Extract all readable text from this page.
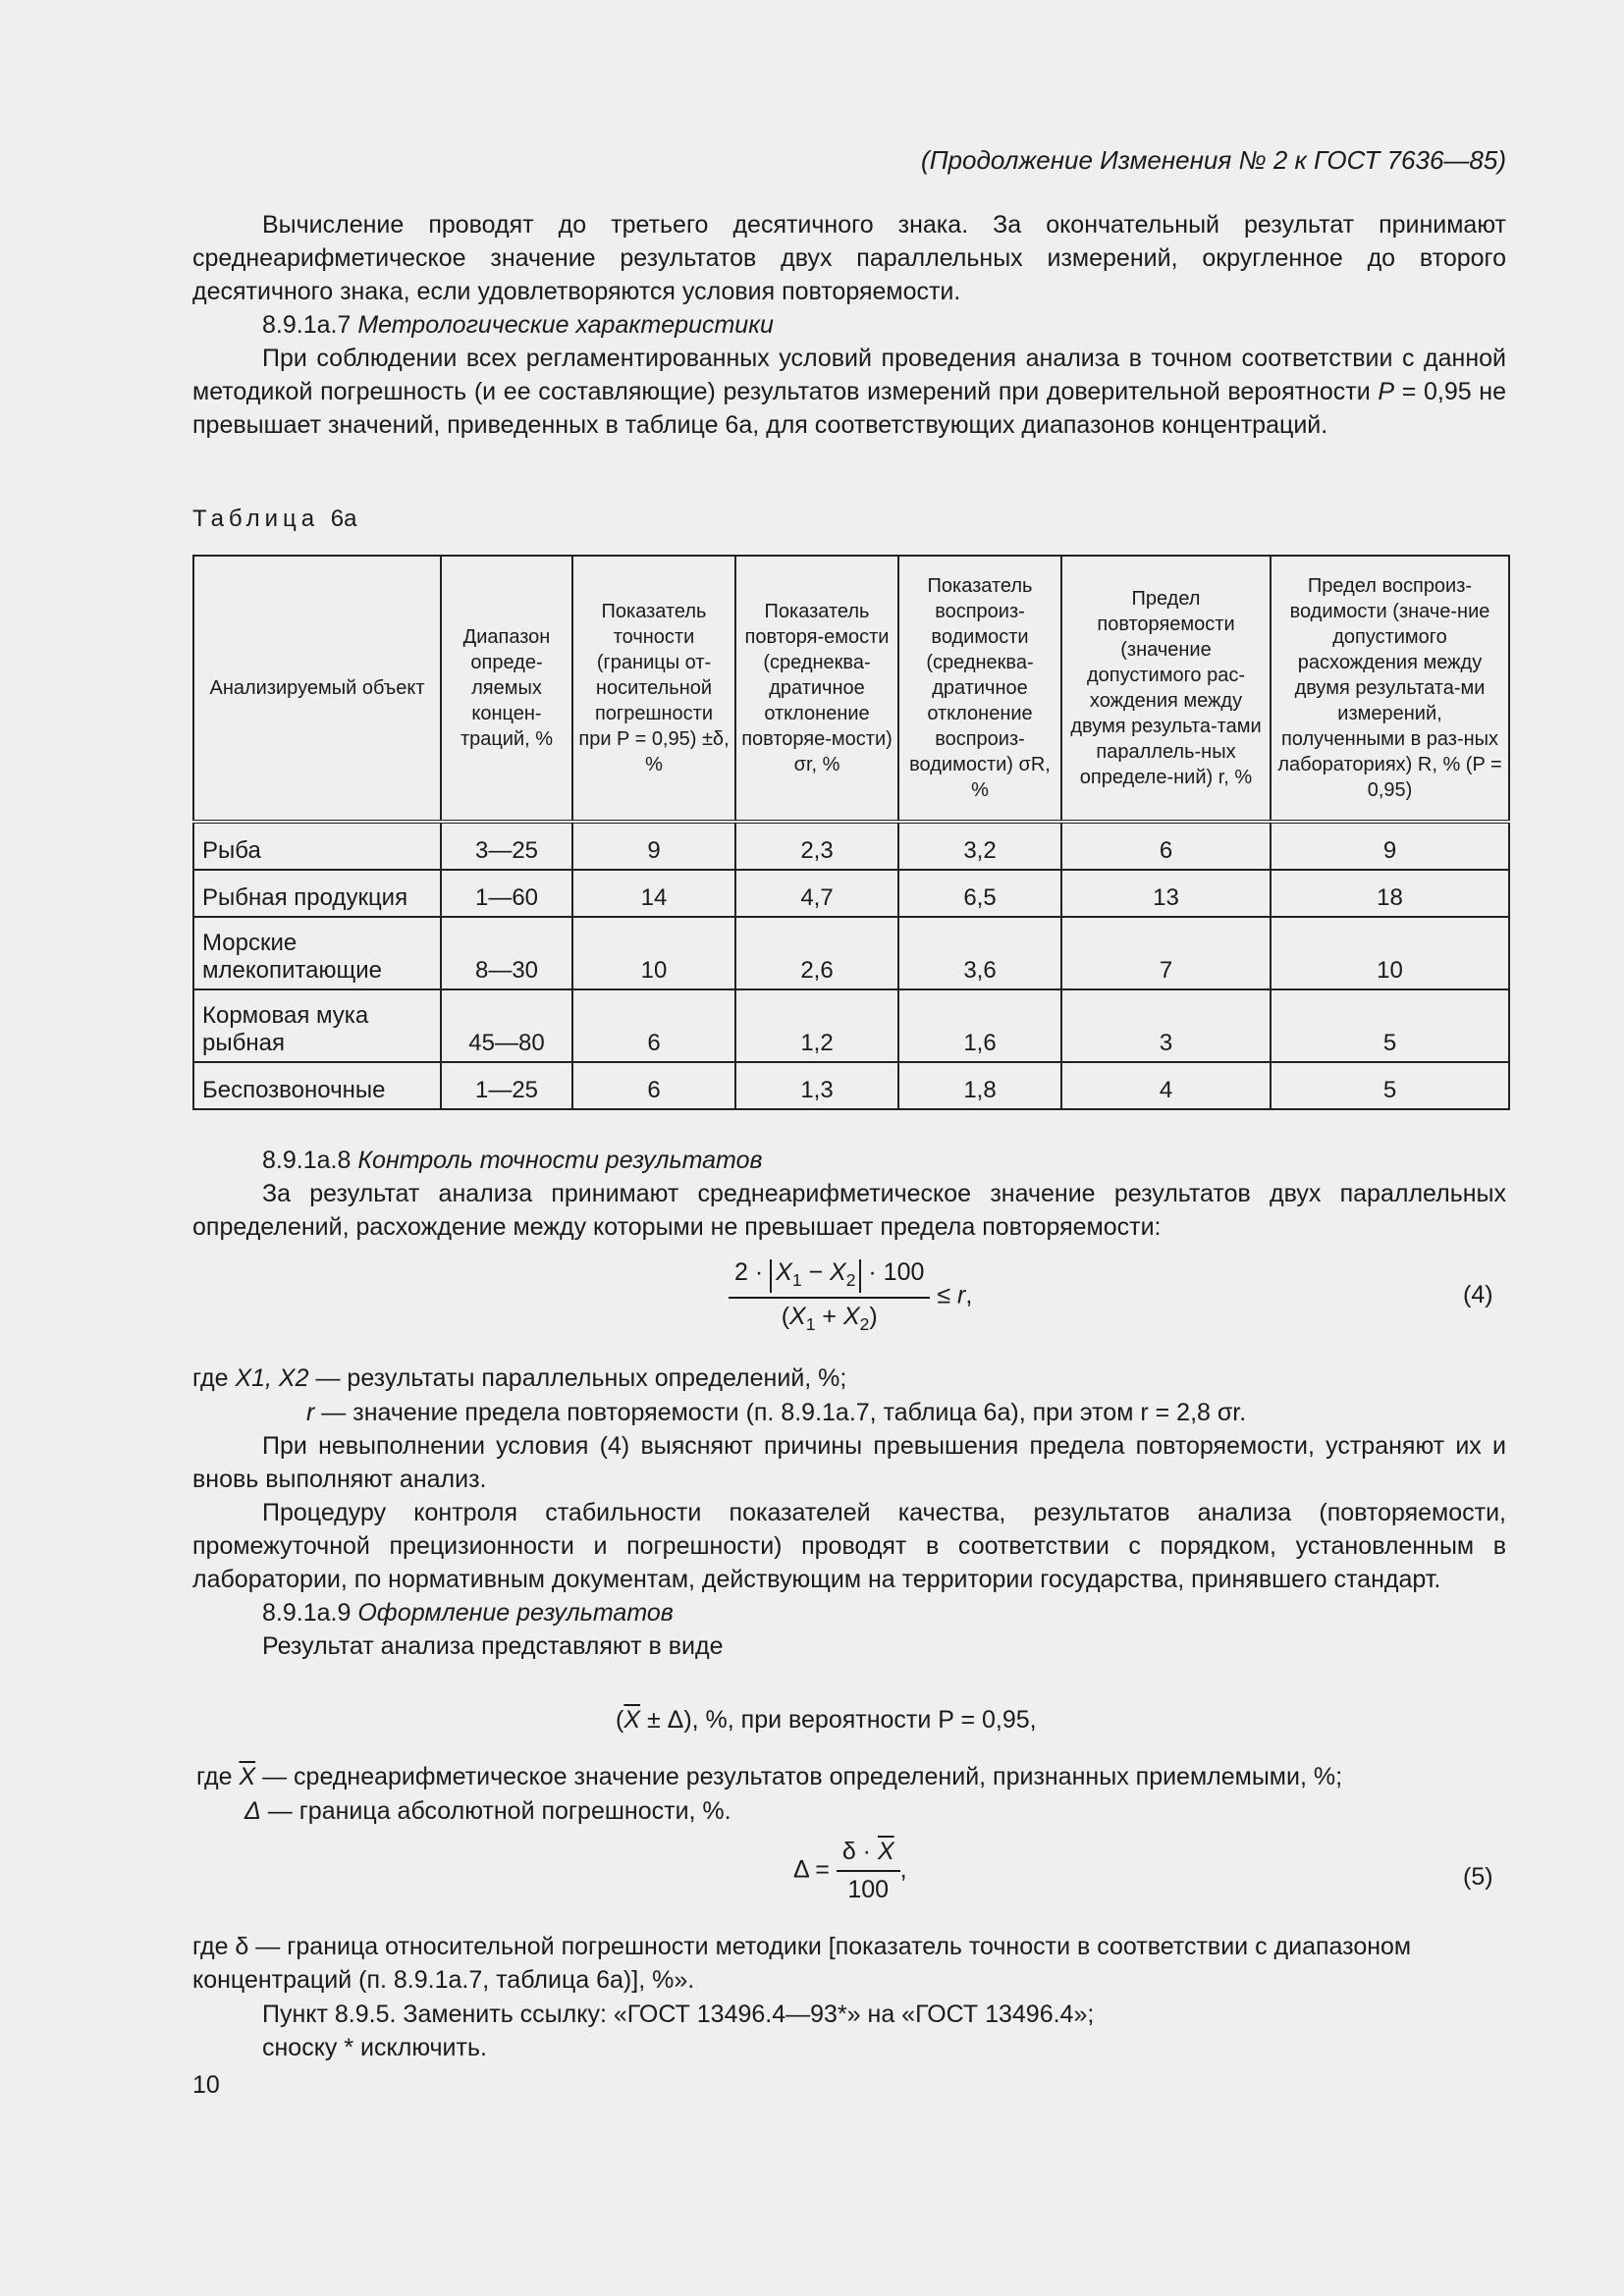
(Продолжение Изменения № 2 к ГОСТ 7636—85)

Вычисление проводят до третьего десятичного знака. За окончательный результат принимают среднеарифметическое значение результатов двух параллельных измерений, округленное до второго десятичного знака, если удовлетворяются условия повторяемости.

8.9.1а.7 Метрологические характеристики

При соблюдении всех регламентированных условий проведения анализа в точном соответствии с данной методикой погрешность (и ее составляющие) результатов измерений при доверительной вероятности P = 0,95 не превышает значений, приведенных в таблице 6а, для соответствующих диапазонов концентраций.

Таблица 6а
Анализируемый объект	Диапазон опреде-ляемых концен-траций, %	Показатель точности (границы от-носительной погрешности при P = 0,95) ±δ, %	Показатель повторя-емости (среднеква-дратичное отклонение повторяе-мости) σr, %	Показатель воспроиз-водимости (среднеква-дратичное отклонение воспроиз-водимости) σR, %	Предел повторяемости (значение допустимого рас-хождения между двумя результа-тами параллель-ных определе-ний) r, %	Предел воспроиз-водимости (значе-ние допустимого расхождения между двумя результата-ми измерений, полученными в раз-ных лабораториях) R, % (P = 0,95)
Рыба	3—25	9	2,3	3,2	6	9
Рыбная продукция	1—60	14	4,7	6,5	13	18
Морские млекопитающие	8—30	10	2,6	3,6	7	10
Кормовая мука рыбная	45—80	6	1,2	1,6	3	5
Беспозвоночные	1—25	6	1,3	1,8	4	5

8.9.1а.8 Контроль точности результатов

За результат анализа принимают среднеарифметическое значение результатов двух параллельных определений, расхождение между которыми не превышает предела повторяемости:

$\frac{2 \cdot X_1 - X_2 \cdot 100}{(X_1 + X_2)} \le r$,	(4)
где X1, X2 — результаты параллельных определений, %;
r — значение предела повторяемости (п. 8.9.1а.7, таблица 6а), при этом r = 2,8 σr.

При невыполнении условия (4) выясняют причины превышения предела повторяемости, устраняют их и вновь выполняют анализ.

Процедуру контроля стабильности показателей качества, результатов анализа (повторяемости, промежуточной прецизионности и погрешности) проводят в соответствии с порядком, установленным в лаборатории, по нормативным документам, действующим на территории государства, принявшего стандарт.

8.9.1а.9 Оформление результатов

Результат анализа представляют в виде

$(\overline{X} \pm \Delta)$, %, при вероятности P = 0,95,
где $\overline{X}$ — среднеарифметическое значение результатов определений, признанных приемлемыми, %;
Δ — граница абсолютной погрешности, %.
$\Delta = \frac{\delta \cdot \overline{X}}{100}$ ,	(5)
где δ — граница относительной погрешности методики [показатель точности в соответствии с диапазоном концентраций (п. 8.9.1а.7, таблица 6а)], %».

Пункт 8.9.5. Заменить ссылку: «ГОСТ 13496.4—93*» на «ГОСТ 13496.4»;

сноску * исключить.

10
